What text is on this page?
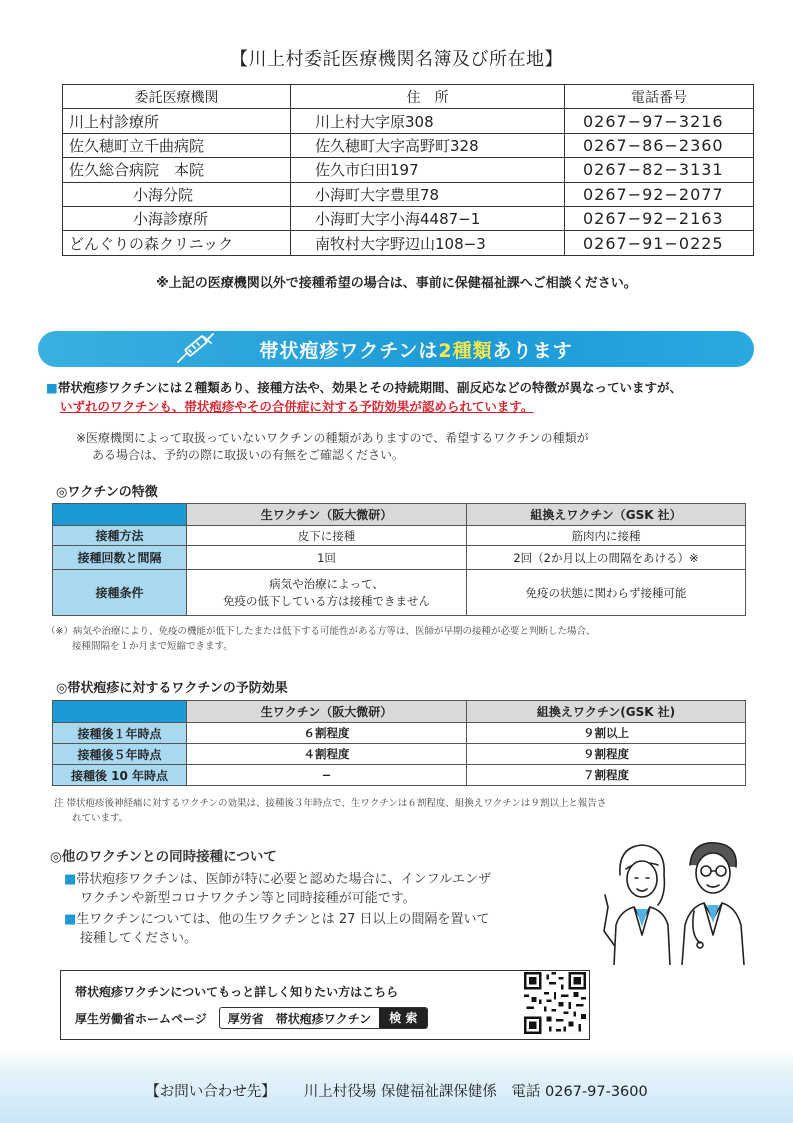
【川上村委託医療機関名簿及び所在地】
委託医療機関	住　所	電話番号
川上村診療所	川上村大字原308	0267−97−3216
佐久穂町立千曲病院	佐久穂町大字高野町328	0267−86−2360
佐久総合病院　本院	佐久市臼田197	0267−82−3131
小海分院	小海町大字豊里78	0267−92−2077
小海診療所	小海町大字小海4487−1	0267−92−2163
どんぐりの森クリニック	南牧村大字野辺山108−3	0267−91−0225
※上記の医療機関以外で接種希望の場合は、事前に保健福祉課へご相談ください。
帯状疱疹ワクチンは2種類あります
■帯状疱疹ワクチンには２種類あり、接種方法や、効果とその持続期間、副反応などの特徴が異なっていますが、
いずれのワクチンも、帯状疱疹やその合併症に対する予防効果が認められています。
※医療機関によって取扱っていないワクチンの種類がありますので、希望するワクチンの種類が
ある場合は、予約の際に取扱いの有無をご確認ください。
◎ワクチンの特徴
	生ワクチン（阪大微研）	組換えワクチン（GSK 社）
接種方法	皮下に接種	筋肉内に接種
接種回数と間隔	1回	2回（2か月以上の間隔をあける）※
接種条件	病気や治療によって、
免疫の低下している方は接種できません	免疫の状態に関わらず接種可能
（※）病気や治療により、免疫の機能が低下したまたは低下する可能性がある方等は、医師が早期の接種が必要と判断した場合、
接種間隔を１か月まで短縮できます。
◎帯状疱疹に対するワクチンの予防効果
	生ワクチン（阪大微研）	組換えワクチン(GSK 社)
接種後１年時点	６割程度	９割以上
接種後５年時点	４割程度	９割程度
接種後 10 年時点	−	７割程度
注 帯状疱疹後神経痛に対するワクチンの効果は、接種後３年時点で、生ワクチンは６割程度、組換えワクチンは９割以上と報告さ
れています。
◎他のワクチンとの同時接種について

■帯状疱疹ワクチンは、医師が特に必要と認めた場合に、インフルエンザ
ワクチンや新型コロナワクチン等と同時接種が可能です。

■生ワクチンについては、他の生ワクチンとは 27 日以上の間隔を置いて
接種してください。

帯状疱疹ワクチンについてもっと詳しく知りたい方はこちら
厚生労働省ホームページ	厚労省　帯状疱疹ワクチン	検 索
【お問い合わせ先】 川上村役場 保健福祉課保健係　電話 0267-97-3600
